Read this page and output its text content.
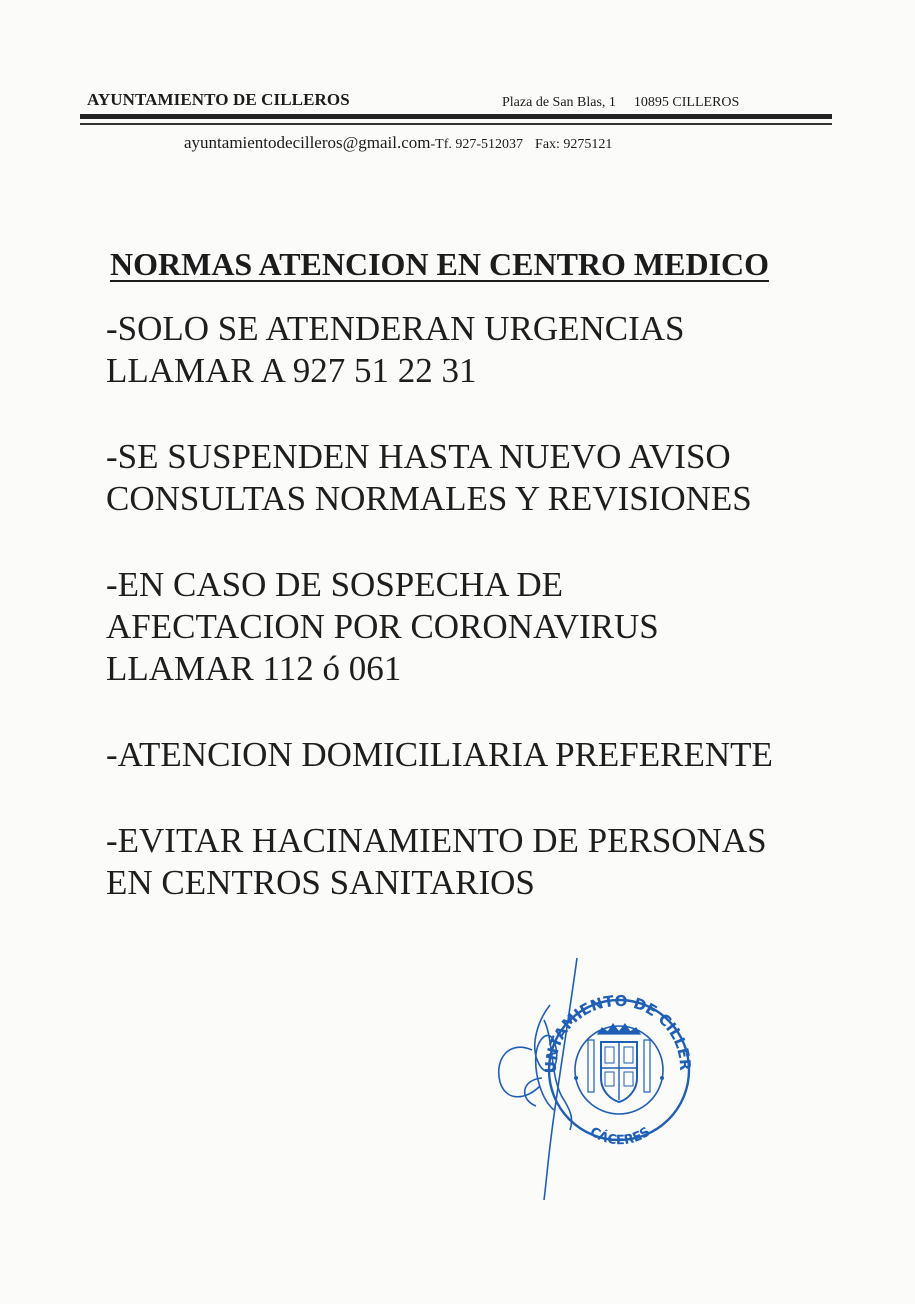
AYUNTAMIENTO DE CILLEROS	Plaza de San Blas, 1 10895 CILLEROS
ayuntamientodecilleros@gmail.com-Tf. 927-512037 Fax: 9275121
NORMAS ATENCION EN CENTRO MEDICO
-SOLO SE ATENDERAN URGENCIAS
LLAMAR A 927 51 22 31
-SE SUSPENDEN HASTA NUEVO AVISO
CONSULTAS NORMALES Y REVISIONES
-EN CASO DE SOSPECHA DE
AFECTACION POR CORONAVIRUS
LLAMAR 112 ó 061
-ATENCION DOMICILIARIA PREFERENTE
-EVITAR HACINAMIENTO DE PERSONAS
EN CENTROS SANITARIOS
UNTAMIENTO DE CILLER
CÁCERES
